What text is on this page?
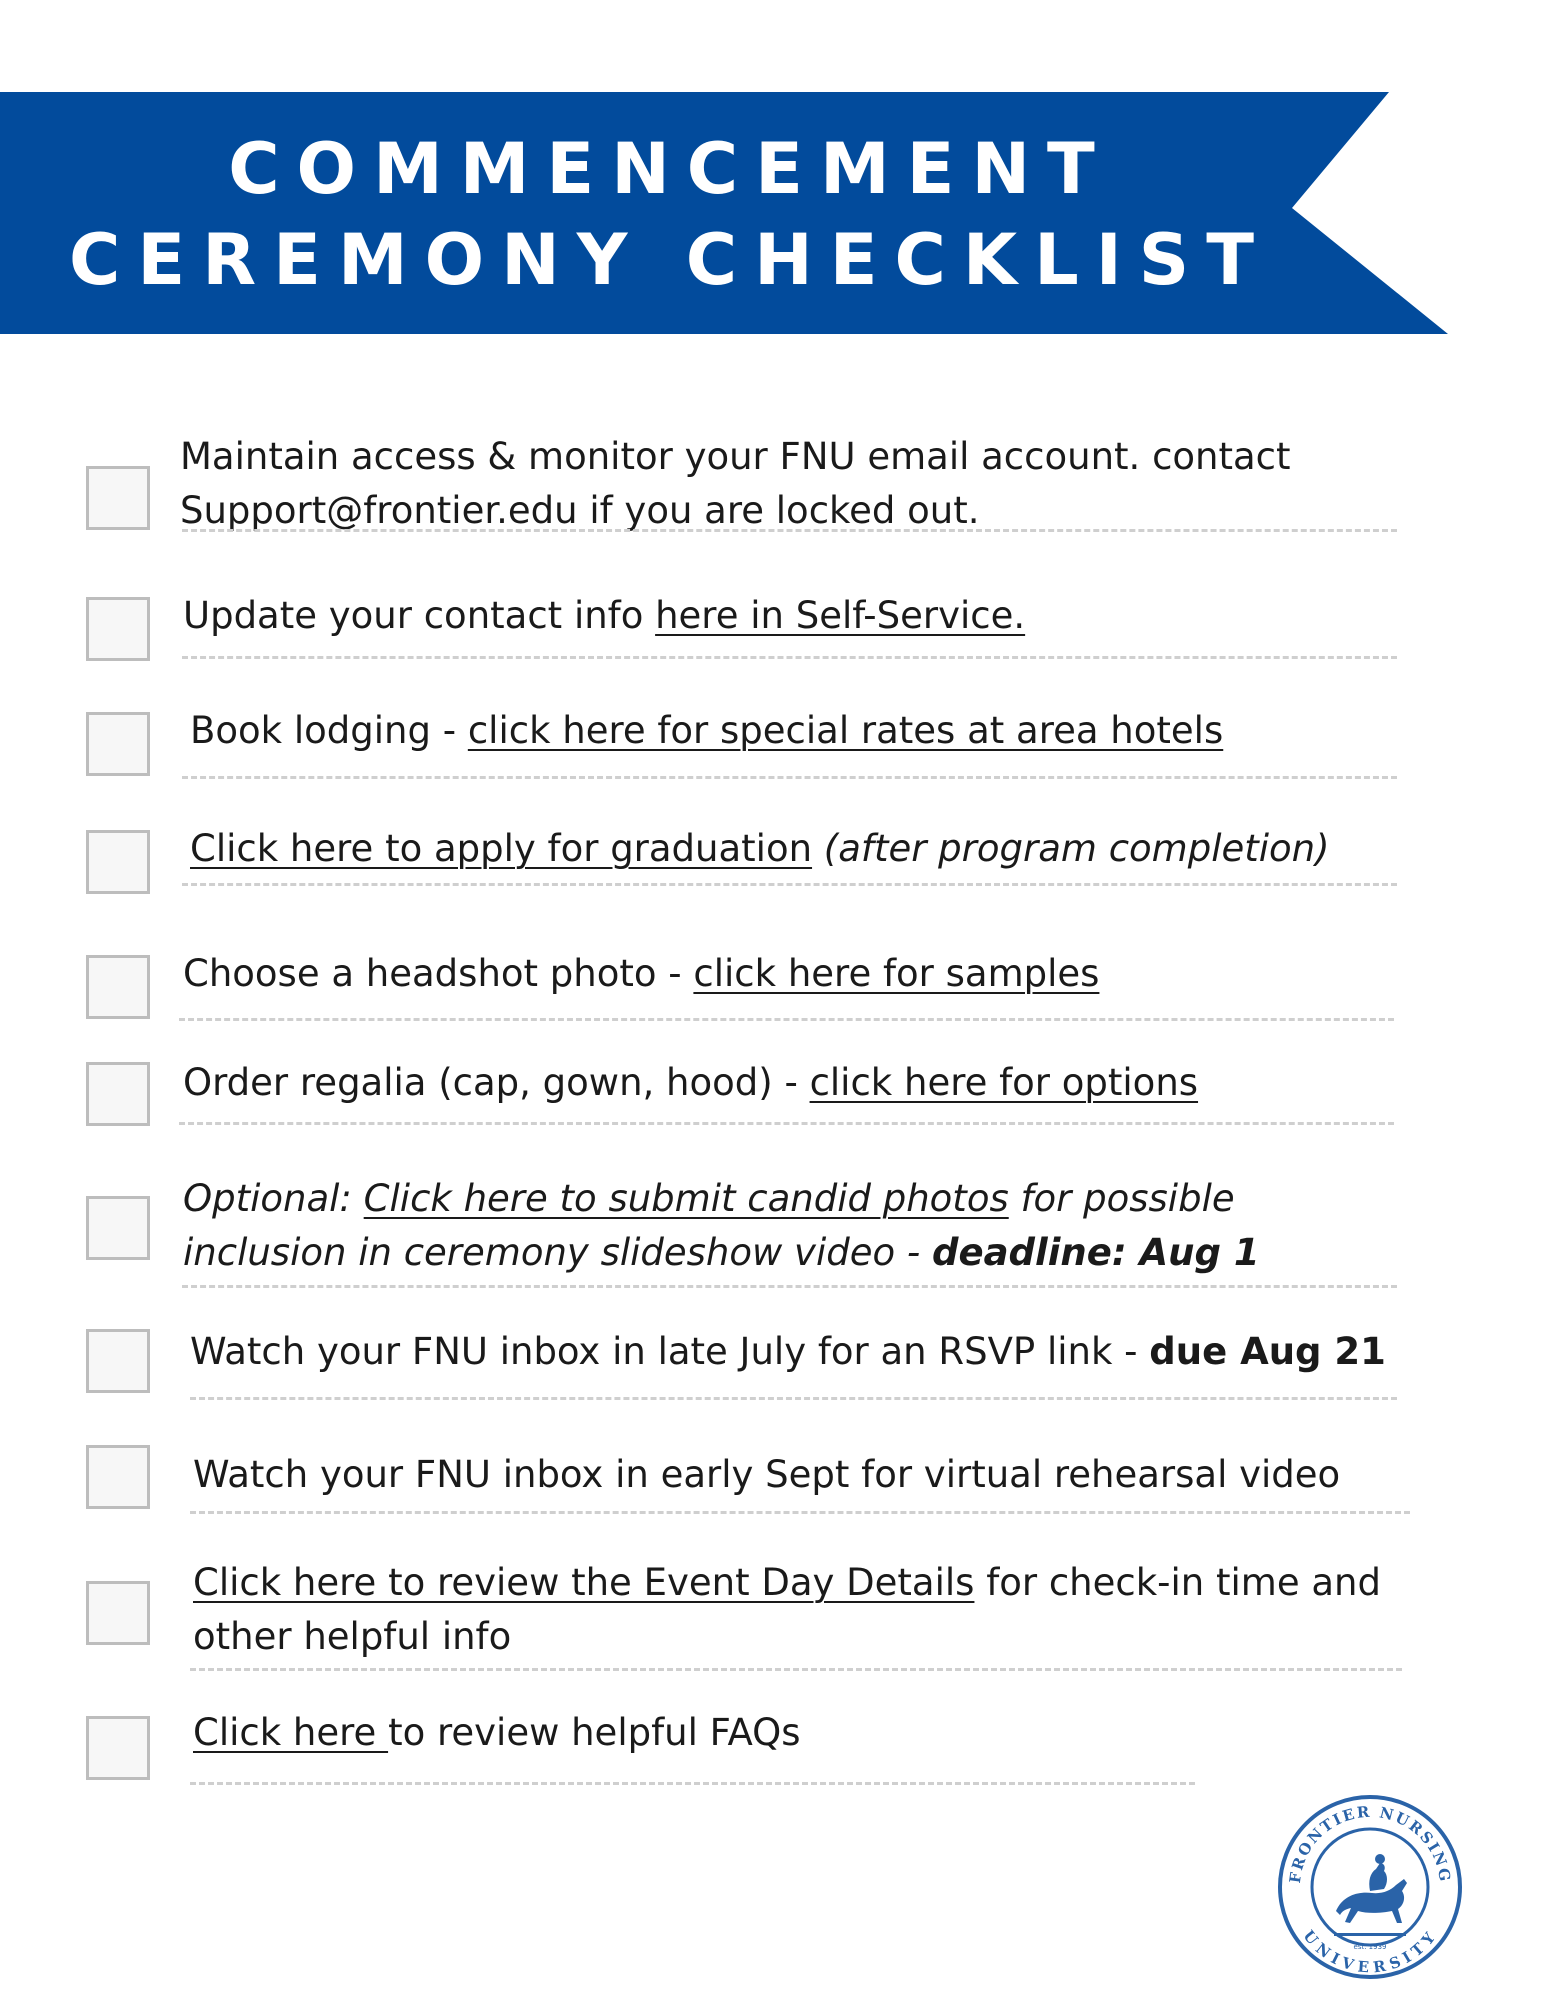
COMMENCEMENT
CEREMONY CHECKLIST
Maintain access & monitor your FNU email account. contact
Support@frontier.edu if you are locked out.
Update your contact info here in Self-Service.
Book lodging - click here for special rates at area hotels
Click here to apply for graduation (after program completion)
Choose a headshot photo - click here for samples
Order regalia (cap, gown, hood) - click here for options
Optional: Click here to submit candid photos for possible
inclusion in ceremony slideshow video - deadline: Aug 1
Watch your FNU inbox in late July for an RSVP link - due Aug 21
Watch your FNU inbox in early Sept for virtual rehearsal video
Click here to review the Event Day Details for check-in time and
other helpful info
Click here to review helpful FAQs
FRONTIER NURSING
UNIVERSITY
est. 1939
